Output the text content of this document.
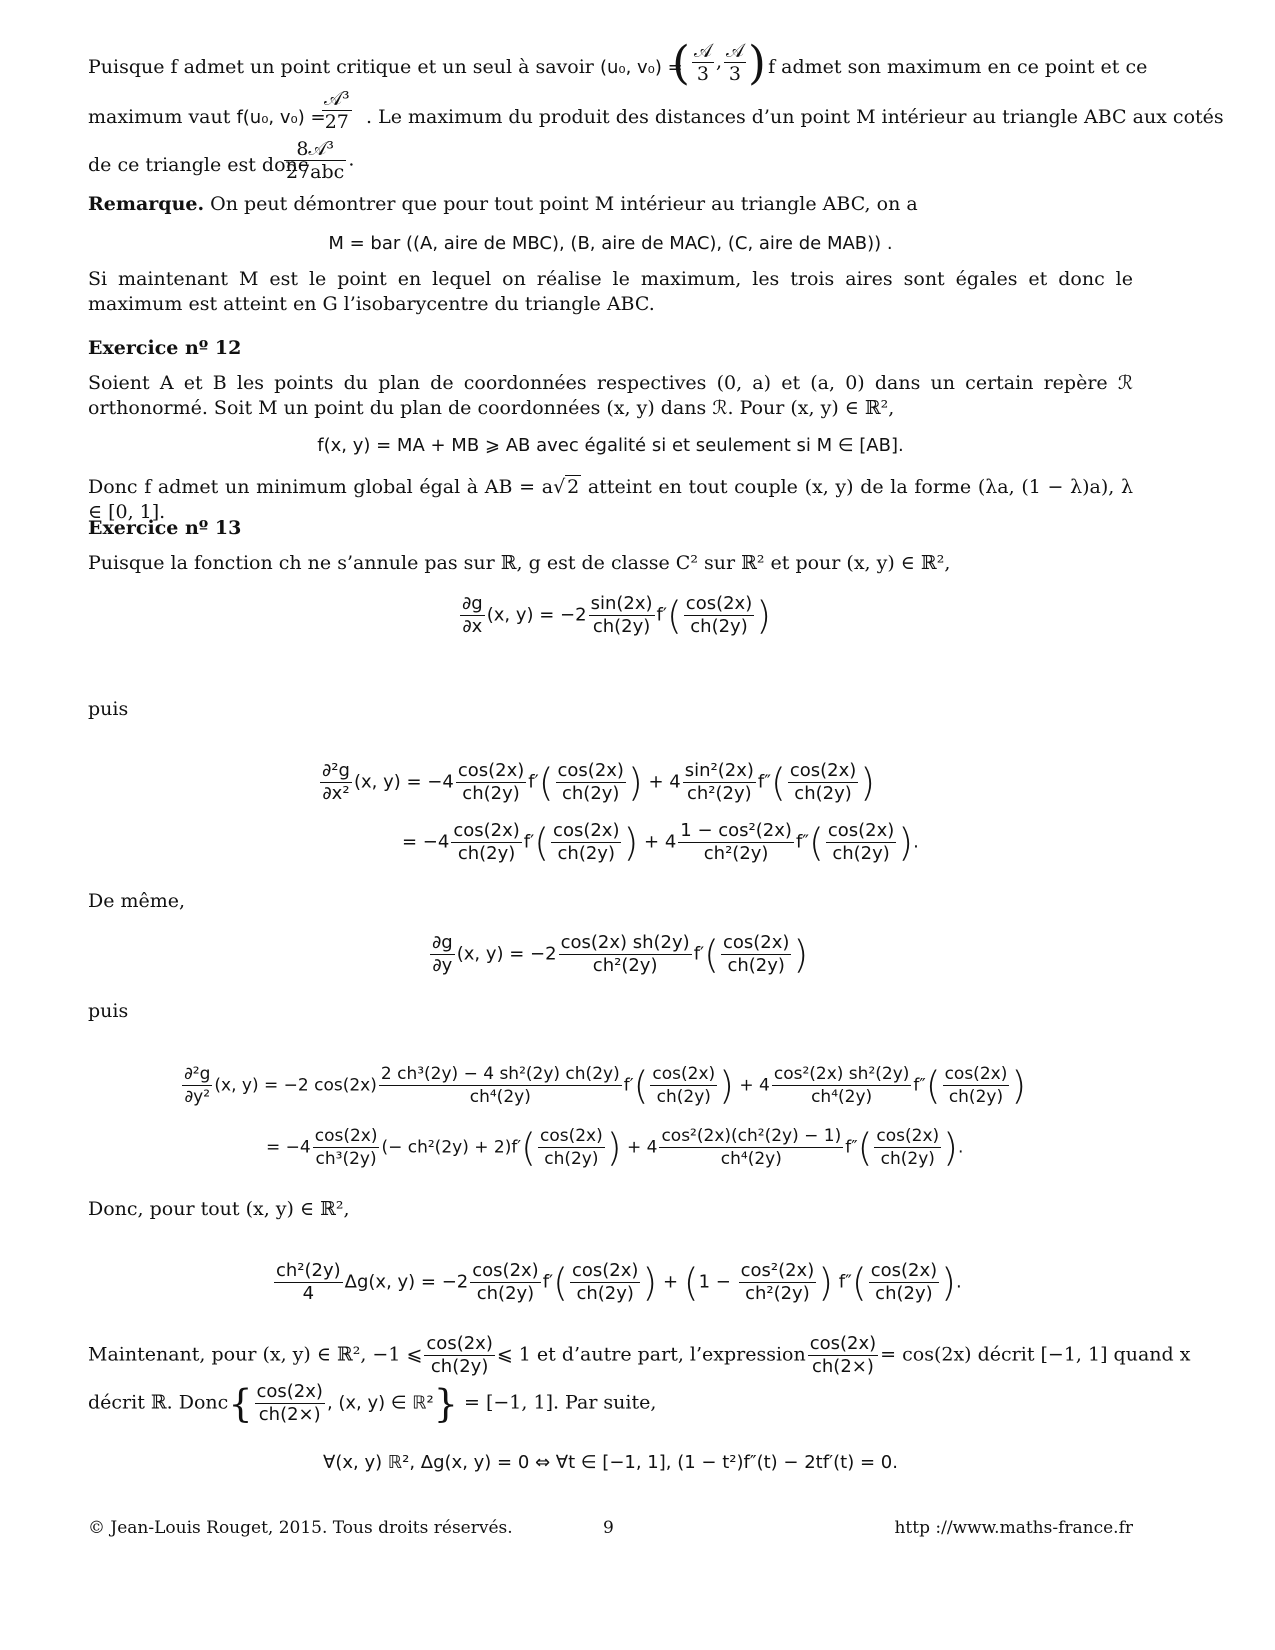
Puisque f admet un point critique et un seul à savoir (u₀, v₀) =
( $\frac{\text{𝒜}}{3}$ , $\frac{\text{𝒜}}{3}$ )
, f admet son maximum en ce point et ce
maximum vaut f(u₀, v₀) =
$\frac{\text{𝒜³}}{27}$ . Le maximum du produit des distances d’un point M intérieur au triangle ABC aux cotés
de ce triangle est donc
$\frac{\text{8𝒜³}}{\text{27abc}}$ .

Remarque. On peut démontrer que pour tout point M intérieur au triangle ABC, on a

M = bar ((A, aire de MBC), (B, aire de MAC), (C, aire de MAB)) .

Si maintenant M est le point en lequel on réalise le maximum, les trois aires sont égales et donc le maximum est atteint en G l’isobarycentre du triangle ABC.

Exercice nº 12

Soient A et B les points du plan de coordonnées respectives (0, a) et (a, 0) dans un certain repère ℛ orthonormé. Soit M un point du plan de coordonnées (x, y) dans ℛ. Pour (x, y) ∈ ℝ²,

f(x, y) = MA + MB ⩾ AB avec égalité si et seulement si M ∈ [AB].

Donc f admet un minimum global égal à AB = a√ 2 atteint en tout couple (x, y) de la forme (λa, (1 − λ)a), λ ∈ [0, 1].

Exercice nº 13

Puisque la fonction ch ne s’annule pas sur ℝ, g est de classe C² sur ℝ² et pour (x, y) ∈ ℝ²,

$\frac{\partial g}{\partial x} (x$, $y) = -2 \frac{\sin(2x)}{ch(2y)} f'( \frac{\cos(2x)}{ch(2y)}$ )

puis

$\frac{\text{∂²g}}{\text{∂x²}} (x$, $y) = -4 \frac{\cos(2x)}{ch(2y)} f'( \frac{\cos(2x)}{ch(2y)}$ ) + $4 \frac{\text{sin²(2x)}}{\text{ch²(2y)}} f''( \frac{\cos(2x)}{ch(2y)}$ )
= $-4 \frac{\cos(2x)}{ch(2y)} f'( \frac{\cos(2x)}{ch(2y)}$ ) + $4 \frac{\text{1 − cos²(2x)}}{\text{ch²(2y)}} f''( \frac{\cos(2x)}{ch(2y)}$ ).

De même,

$\frac{\partial g}{\partial y} (x$, $y) = -2 \frac{\cos(2x) sh(2y)}{\text{ch²(2y)}} f'( \frac{\cos(2x)}{ch(2y)}$ )

puis

$\frac{\text{∂²g}}{\text{∂y²}} (x$, y) = −2 $\cos(2x) \frac{\text{2 ch³(2y) − 4 sh²(2y) ch(2y)}}{\text{ch⁴(2y)}} f'( \frac{\cos(2x)}{ch(2y)}$ ) + $4 \frac{\text{cos²(2x) sh²(2y)}}{\text{ch⁴(2y)}} f''( \frac{\cos(2x)}{ch(2y)}$ )
= $-4 \frac{\cos(2x)}{\text{ch³(2y)}}$ (− $ch^2(2y) + 2)f'( \frac{\cos(2x)}{ch(2y)}$ ) + $4 \frac{\text{cos²(2x)(ch²(2y) − 1)}}{\text{ch⁴(2y)}} f''( \frac{\cos(2x)}{ch(2y)}$ ).

Donc, pour tout (x, y) ∈ ℝ²,

$\frac{\text{ch²(2y)}}{4} \Delta g(x$, $y) = -2 \frac{\cos(2x)}{ch(2y)} f'( \frac{\cos(2x)}{ch(2y)}$ ) + ($1 - \frac{\text{cos²(2x)}}{\text{ch²(2y)}}$ ) $f''( \frac{\cos(2x)}{ch(2y)}$ ).
Maintenant, pour (x, y) ∈ ℝ², −1 ⩽ $\frac{\cos(2x)}{ch(2y)}$ ⩽ 1 et d’autre part, l’expression $\frac{\cos(2x)}{ch(2\times)} = \cos(2x)$ décrit [−1, 1] quand x
décrit ℝ. Donc{ $\frac{\cos(2x)}{ch(2\times)}$ , (x, y) ∈ ℝ²} = [−1, 1]. Par suite,

∀(x, y) ℝ², Δg(x, y) = 0 ⇔ ∀t ∈ [−1, 1], (1 − t²)f″(t) − 2tf′(t) = 0.

© Jean-Louis Rouget, 2015. Tous droits réservés.	9	http ://www.maths-france.fr
